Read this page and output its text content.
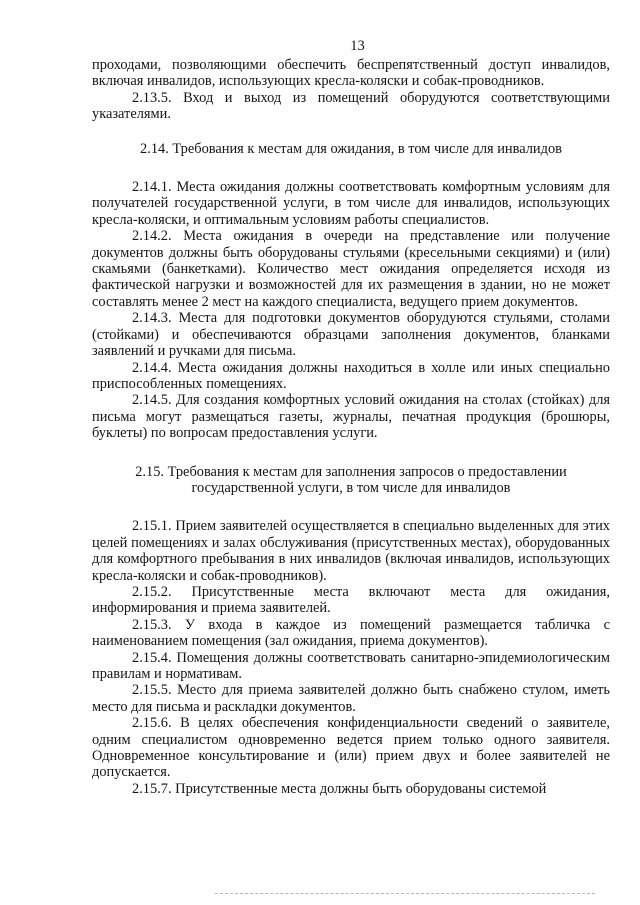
13

проходами, позволяющими обеспечить беспрепятственный доступ инвалидов, включая инвалидов, использующих кресла-коляски и собак-проводников.

2.13.5. Вход и выход из помещений оборудуются соответствующими указателями.

2.14. Требования к местам для ожидания, в том числе для инвалидов

2.14.1. Места ожидания должны соответствовать комфортным условиям для получателей государственной услуги, в том числе для инвалидов, использующих кресла-коляски, и оптимальным условиям работы специалистов.

2.14.2. Места ожидания в очереди на представление или получение документов должны быть оборудованы стульями (кресельными секциями) и (или) скамьями (банкетками). Количество мест ожидания определяется исходя из фактической нагрузки и возможностей для их размещения в здании, но не может составлять менее 2 мест на каждого специалиста, ведущего прием документов.

2.14.3. Места для подготовки документов оборудуются стульями, столами (стойками) и обеспечиваются образцами заполнения документов, бланками заявлений и ручками для письма.

2.14.4. Места ожидания должны находиться в холле или иных специально приспособленных помещениях.

2.14.5. Для создания комфортных условий ожидания на столах (стойках) для письма могут размещаться газеты, журналы, печатная продукция (брошюры, буклеты) по вопросам предоставления услуги.

2.15. Требования к местам для заполнения запросов о предоставлении

государственной услуги, в том числе для инвалидов

2.15.1. Прием заявителей осуществляется в специально выделенных для этих целей помещениях и залах обслуживания (присутственных местах), оборудованных для комфортного пребывания в них инвалидов (включая инвалидов, использующих кресла-коляски и собак-проводников).

2.15.2. Присутственные места включают места для ожидания, информирования и приема заявителей.

2.15.3. У входа в каждое из помещений размещается табличка с наименованием помещения (зал ожидания, приема документов).

2.15.4. Помещения должны соответствовать санитарно-эпидемиологическим правилам и нормативам.

2.15.5. Место для приема заявителей должно быть снабжено стулом, иметь место для письма и раскладки документов.

2.15.6. В целях обеспечения конфиденциальности сведений о заявителе, одним специалистом одновременно ведется прием только одного заявителя. Одновременное консультирование и (или) прием двух и более заявителей не допускается.

2.15.7. Присутственные места должны быть оборудованы системой
